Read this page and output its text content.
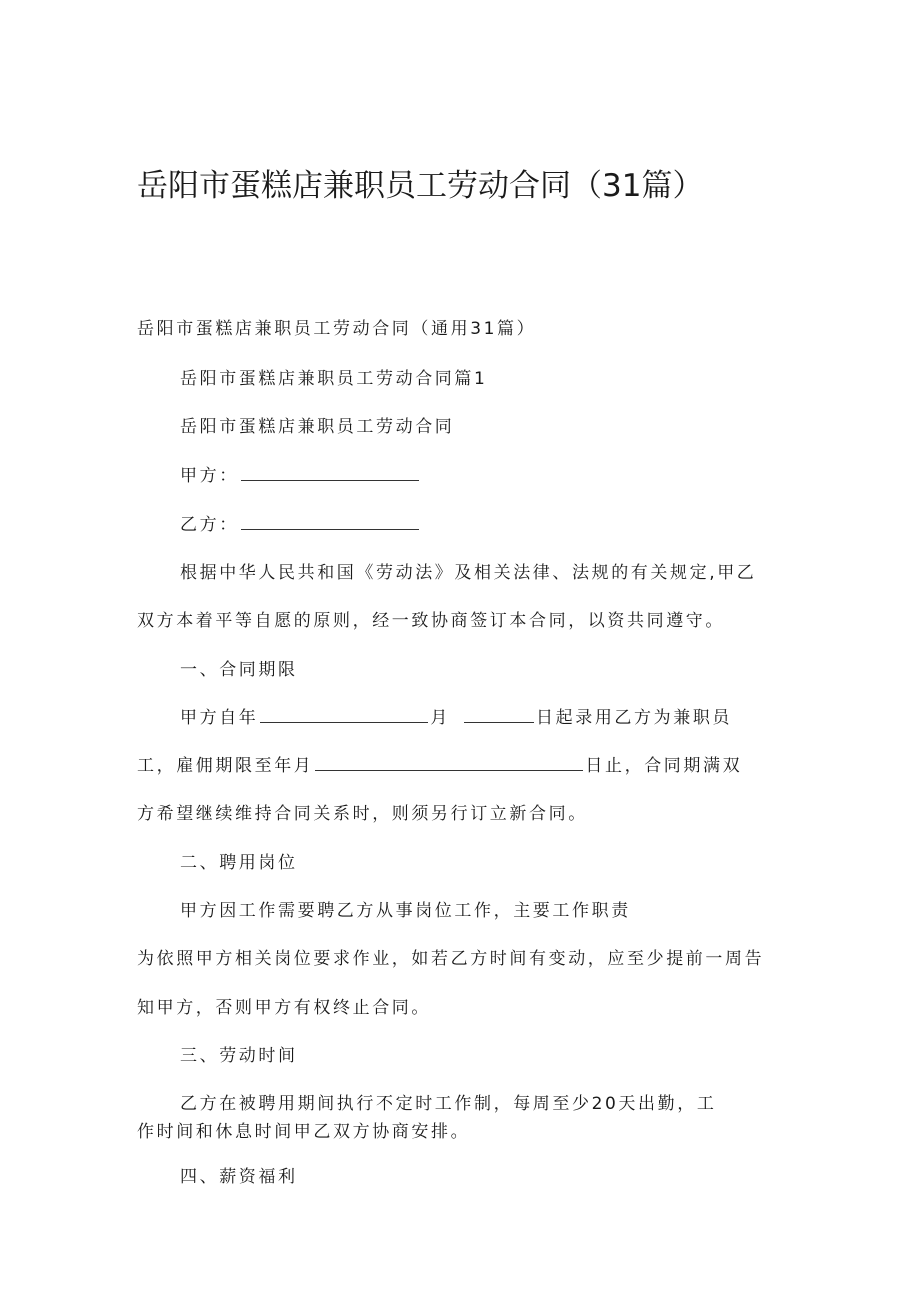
岳阳市蛋糕店兼职员工劳动合同（31篇）

岳阳市蛋糕店兼职员工劳动合同（通用31篇）

岳阳市蛋糕店兼职员工劳动合同篇1

岳阳市蛋糕店兼职员工劳动合同

甲方：

乙方：

根据中华人民共和国《劳动法》及相关法律、法规的有关规定,甲乙

双方本着平等自愿的原则，经一致协商签订本合同，以资共同遵守。

一、合同期限

甲方自年	月	日起录用乙方为兼职员

工，雇佣期限至年月	日止，合同期满双

方希望继续维持合同关系时，则须另行订立新合同。

二、聘用岗位

甲方因工作需要聘乙方从事岗位工作，主要工作职责

为依照甲方相关岗位要求作业，如若乙方时间有变动，应至少提前一周告

知甲方，否则甲方有权终止合同。

三、劳动时间

乙方在被聘用期间执行不定时工作制，每周至少20天出勤，工

作时间和休息时间甲乙双方协商安排。

四、薪资福利
